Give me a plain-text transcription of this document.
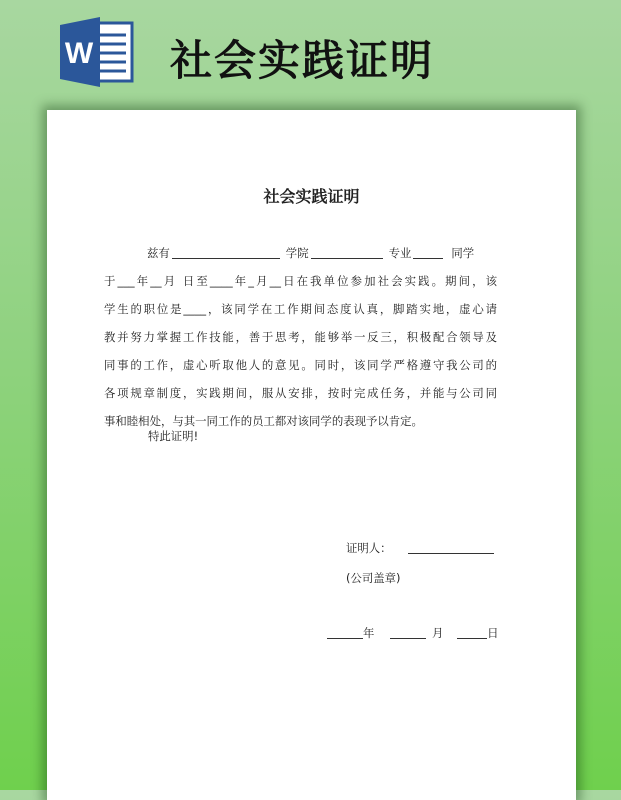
W 社会实践证明
社会实践证明
兹有	学院	专业	同学
于___年__月 日至____年_月__日在我单位参加社会实践。期间，该
学生的职位是____，该同学在工作期间态度认真，脚踏实地，虚心请
教并努力掌握工作技能，善于思考，能够举一反三，积极配合领导及
同事的工作，虚心听取他人的意见。同时，该同学严格遵守我公司的
各项规章制度，实践期间，服从安排，按时完成任务，并能与公司同
事和睦相处，与其一同工作的员工都对该同学的表现予以肯定。
特此证明!
证明人：
(公司盖章)
年	月	日
